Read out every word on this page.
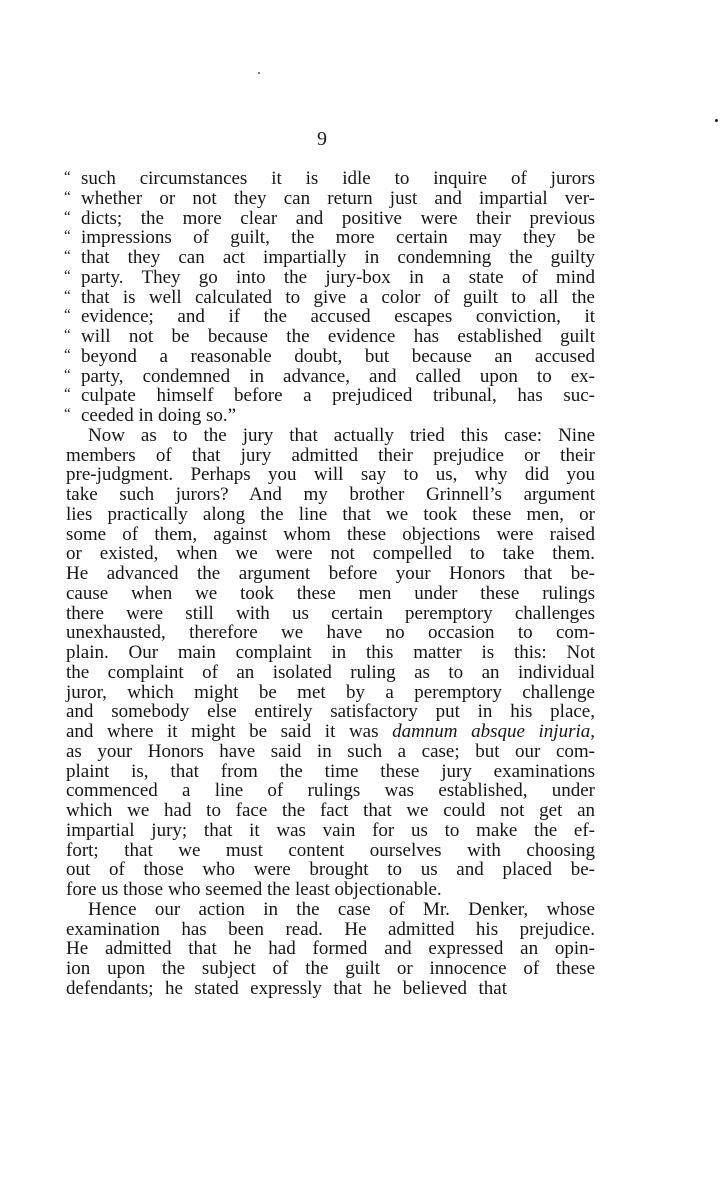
9
“ such circumstances it is idle to inquire of jurors
“ whether or not they can return just and impartial ver-
“ dicts; the more clear and positive were their previous
“ impressions of guilt, the more certain may they be
“ that they can act impartially in condemning the guilty
“ party. They go into the jury-box in a state of mind
“ that is well calculated to give a color of guilt to all the
“ evidence; and if the accused escapes conviction, it
“ will not be because the evidence has established guilt
“ beyond a reasonable doubt, but because an accused
“ party, condemned in advance, and called upon to ex-
“ culpate himself before a prejudiced tribunal, has suc-
“ ceeded in doing so.”
Now as to the jury that actually tried this case: Nine
members of that jury admitted their prejudice or their
pre-judgment. Perhaps you will say to us, why did you
take such jurors? And my brother Grinnell’s argument
lies practically along the line that we took these men, or
some of them, against whom these objections were raised
or existed, when we were not compelled to take them.
He advanced the argument before your Honors that be-
cause when we took these men under these rulings
there were still with us certain peremptory challenges
unexhausted, therefore we have no occasion to com-
plain. Our main complaint in this matter is this: Not
the complaint of an isolated ruling as to an individual
juror, which might be met by a peremptory challenge
and somebody else entirely satisfactory put in his place,
and where it might be said it was damnum absque injuria,
as your Honors have said in such a case; but our com-
plaint is, that from the time these jury examinations
commenced a line of rulings was established, under
which we had to face the fact that we could not get an
impartial jury; that it was vain for us to make the ef-
fort; that we must content ourselves with choosing
out of those who were brought to us and placed be-
fore us those who seemed the least objectionable.
Hence our action in the case of Mr. Denker, whose
examination has been read. He admitted his prejudice.
He admitted that he had formed and expressed an opin-
ion upon the subject of the guilt or innocence of these
defendants; he stated expressly that he believed that
